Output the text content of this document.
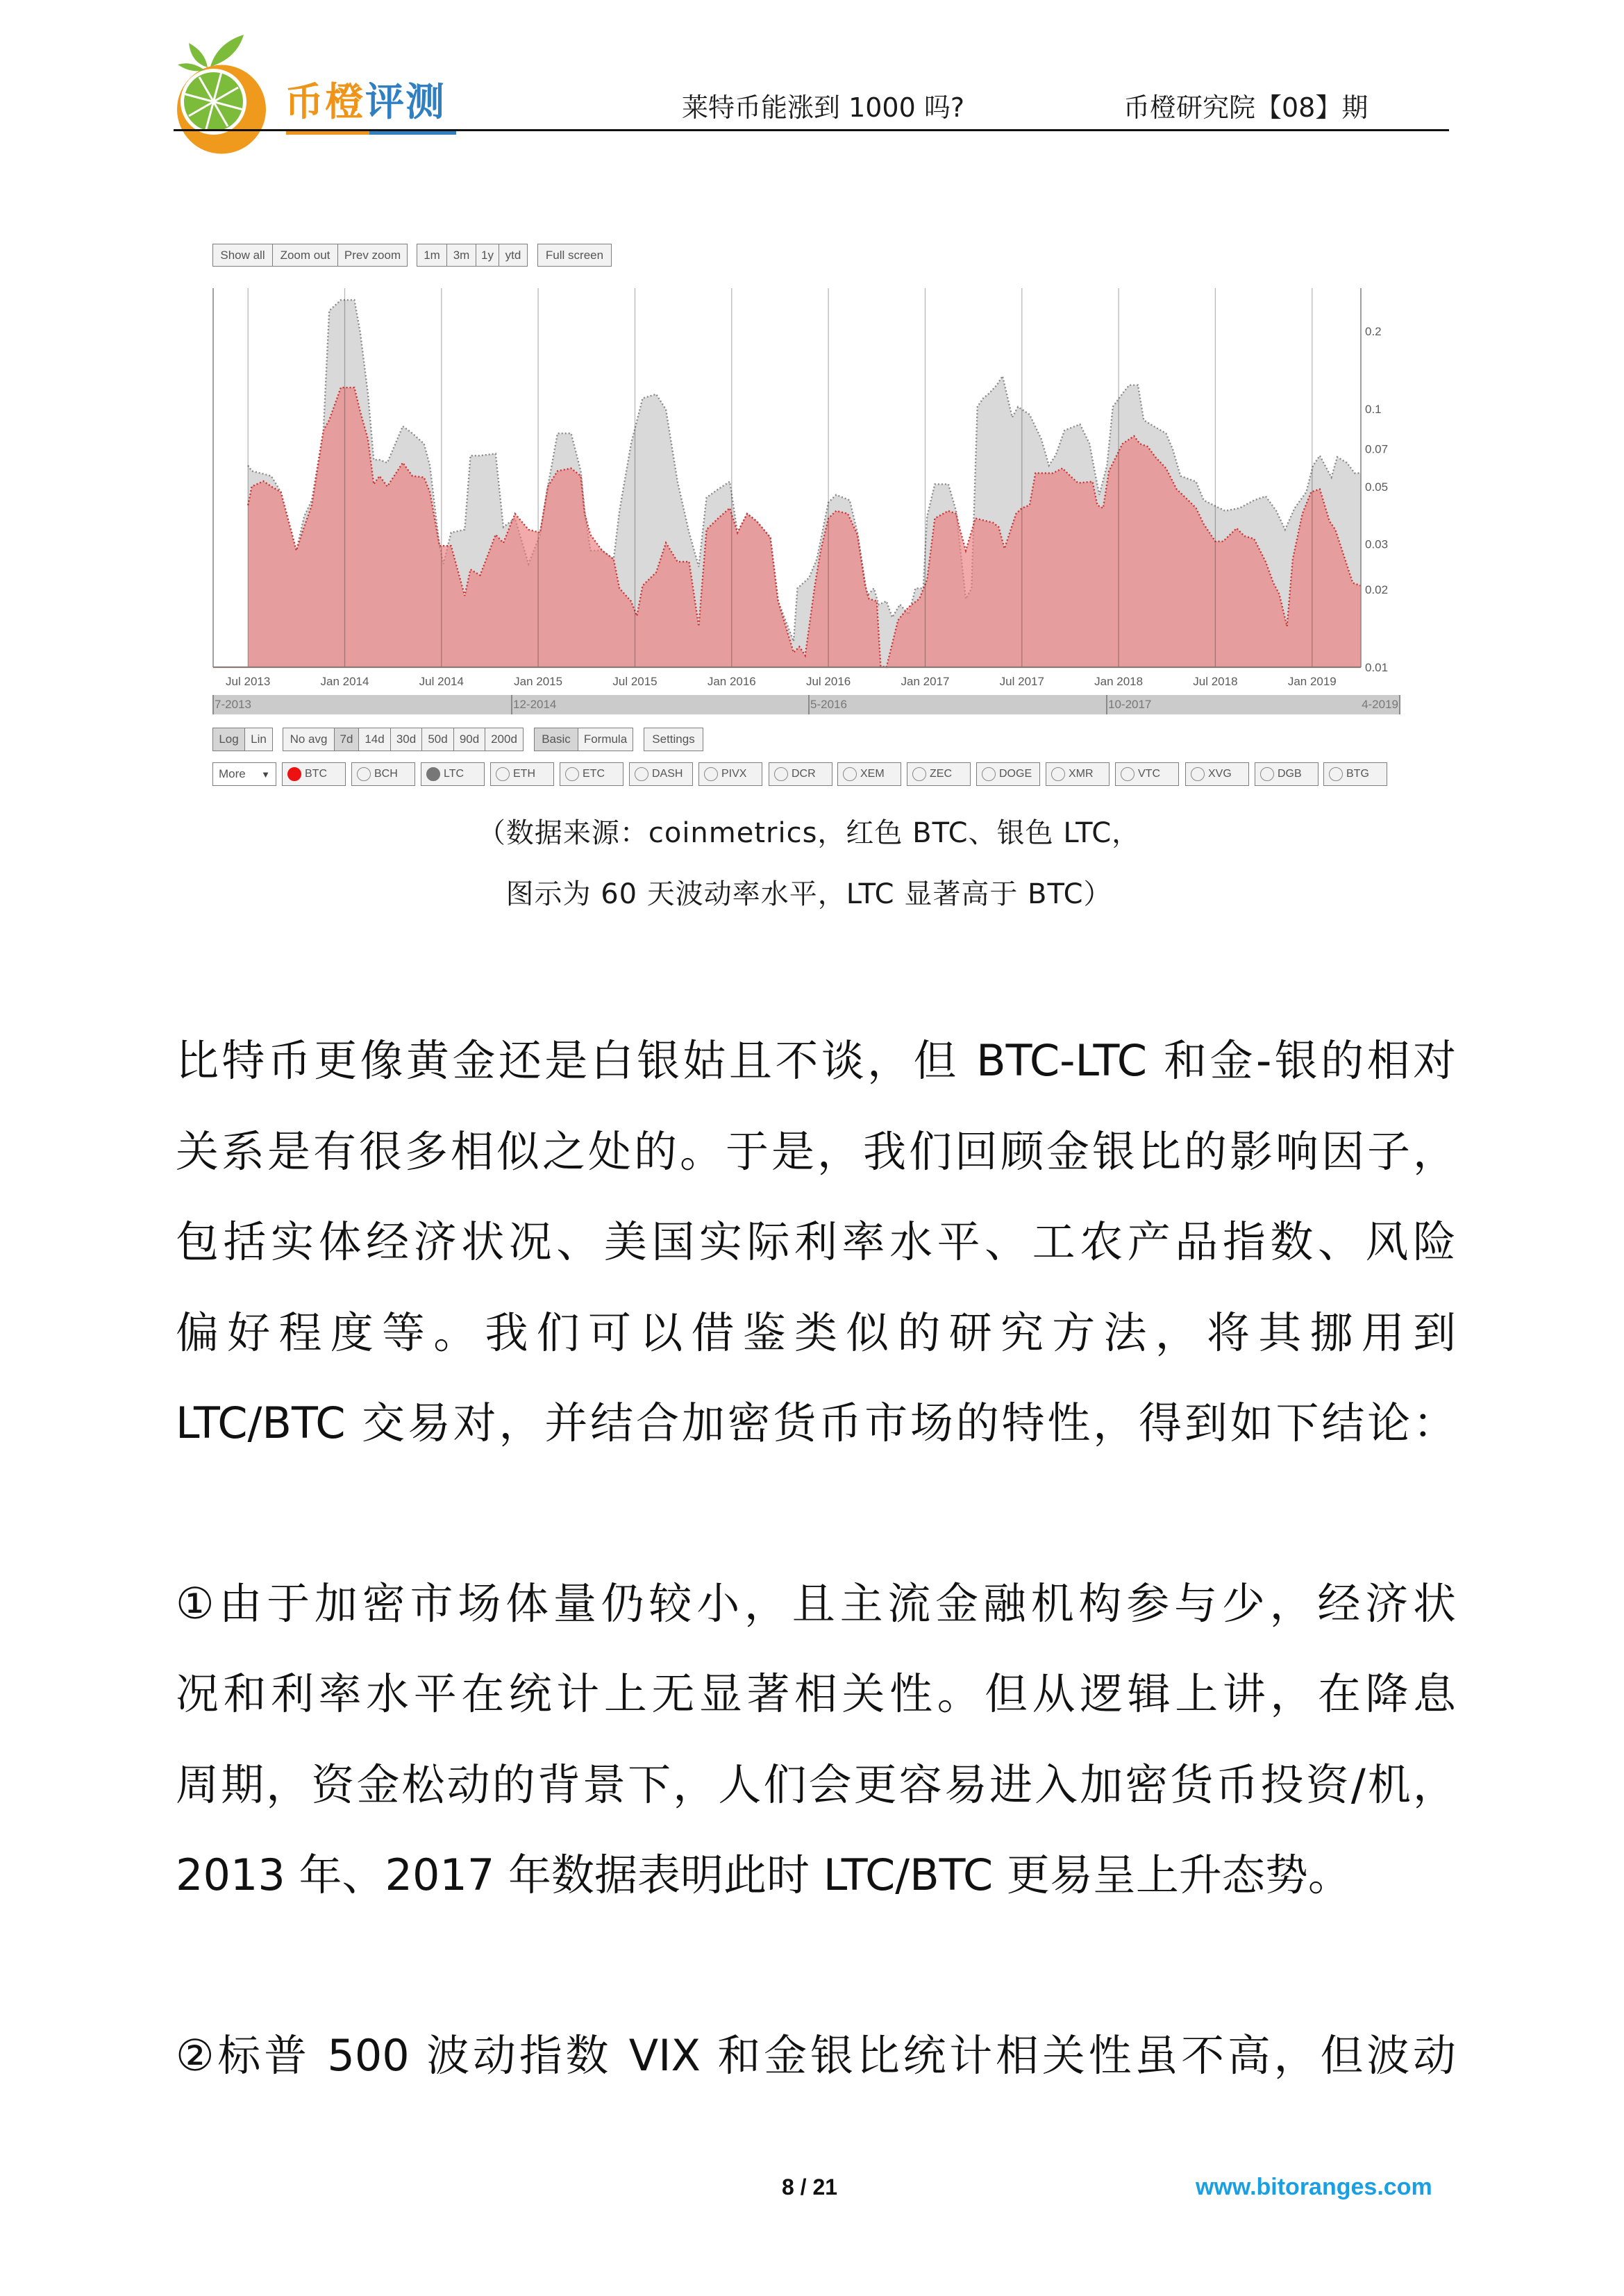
币橙评测	莱特币能涨到 1000 吗?	币橙研究院【08】期
Show all	Zoom out	Prev zoom	1m	3m 1y ytd	Full screen
Jul 2013	Jan 2014	Jul 2014	Jan 2015	Jul 2015	Jan 2016	Jul 2016	Jan 2017	Jul 2017	Jan 2018	Jul 2018	Jan 2019
0.2
0.1
0.07
0.05
0.03
0.02
0.01
7-2013	12-2014	5-2016	10-2017	4-2019
Log	Lin	No avg	7d 14d	30d	50d	90d 200d	Basic	Formula	Settings
More ▼	BTC	BCH	LTC	ETH	ETC	DASH	PIVX	DCR	XEM	ZEC	DOGE	XMR	VTC	XVG	DGB	BTG
（数据来源：coinmetrics，红色 BTC、银色 LTC，
图示为 60 天波动率水平，LTC 显著高于 BTC）
比特币更像黄金还是白银姑且不谈，但 BTC-LTC 和金-银的相对
关系是有很多相似之处的。于是，我们回顾金银比的影响因子，
包括实体经济状况、美国实际利率水平、工农产品指数、风险
偏好程度等。我们可以借鉴类似的研究方法，将其挪用到
LTC/BTC 交易对，并结合加密货币市场的特性，得到如下结论：
①由于加密市场体量仍较小，且主流金融机构参与少，经济状
况和利率水平在统计上无显著相关性。但从逻辑上讲，在降息
周期，资金松动的背景下，人们会更容易进入加密货币投资/机，
2013 年、2017 年数据表明此时 LTC/BTC 更易呈上升态势。
②标普 500 波动指数 VIX 和金银比统计相关性虽不高，但波动
8 / 21	www.bitoranges.com
